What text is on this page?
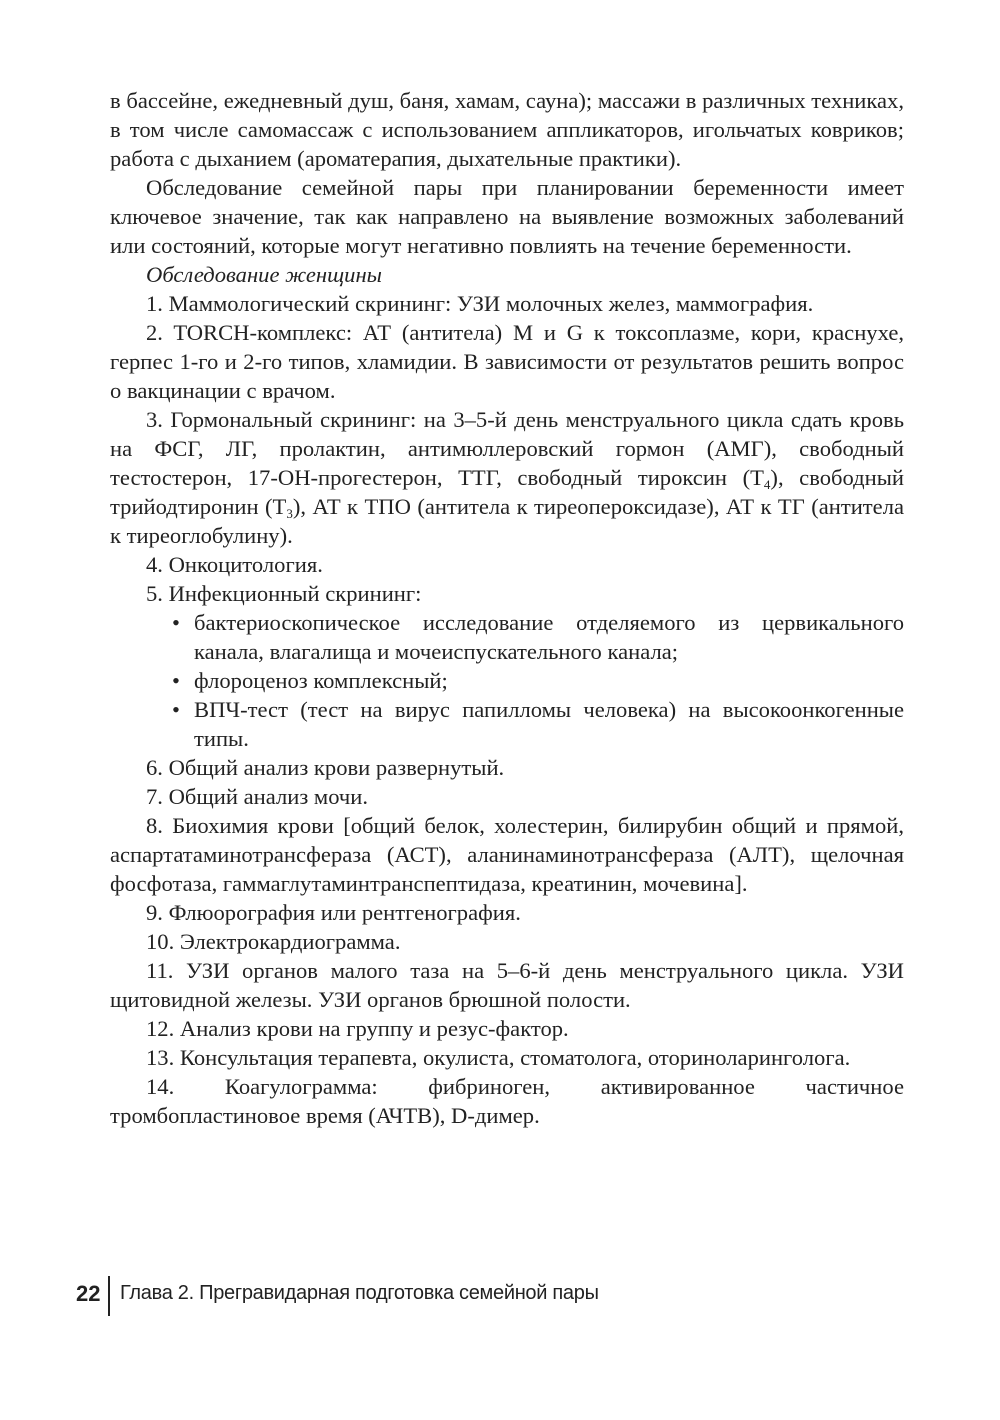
в бассейне, ежедневный душ, баня, хамам, сауна); массажи в различных техниках, в том числе самомассаж с использованием аппликаторов, игольчатых ковриков; работа с дыханием (ароматерапия, дыхательные практики).

Обследование семейной пары при планировании беременности имеет ключевое значение, так как направлено на выявление возможных заболеваний или состояний, которые могут негативно повлиять на течение беременности.

Обследование женщины

1. Маммологический скрининг: УЗИ молочных желез, маммография.

2. TORCH-комплекс: АТ (антитела) M и G к токсоплазме, кори, краснухе, герпес 1-го и 2-го типов, хламидии. В зависимости от результатов решить вопрос о вакцинации с врачом.

3. Гормональный скрининг: на 3–5-й день менструального цикла сдать кровь на ФСГ, ЛГ, пролактин, антимюллеровский гормон (АМГ), свободный тестостерон, 17-ОН-прогестерон, ТТГ, свободный тироксин $(Т_4)$, свободный трийодтиронин $(Т_3)$, АТ к ТПО (антитела к тиреопероксидазе), АТ к ТГ (антитела к тиреоглобулину).

4. Онкоцитология.

5. Инфекционный скрининг:

• бактериоскопическое исследование отделяемого из цервикального канала, влагалища и мочеиспускательного канала;

• флороценоз комплексный;

• ВПЧ-тест (тест на вирус папилломы человека) на высокоонкогенные типы.

6. Общий анализ крови развернутый.

7. Общий анализ мочи.

8. Биохимия крови [общий белок, холестерин, билирубин общий и прямой, аспартатаминотрансфераза (АСТ), аланинаминотрансфераза (АЛТ), щелочная фосфотаза, гаммаглутаминтранспептидаза, креатинин, мочевина].

9. Флюорография или рентгенография.

10. Электрокардиограмма.

11. УЗИ органов малого таза на 5–6-й день менструального цикла. УЗИ щитовидной железы. УЗИ органов брюшной полости.

12. Анализ крови на группу и резус-фактор.

13. Консультация терапевта, окулиста, стоматолога, оториноларинголога.

14. Коагулограмма: фибриноген, активированное частичное тромбопластиновое время (АЧТВ), D-димер.

22 Глава 2. Прегравидарная подготовка семейной пары
